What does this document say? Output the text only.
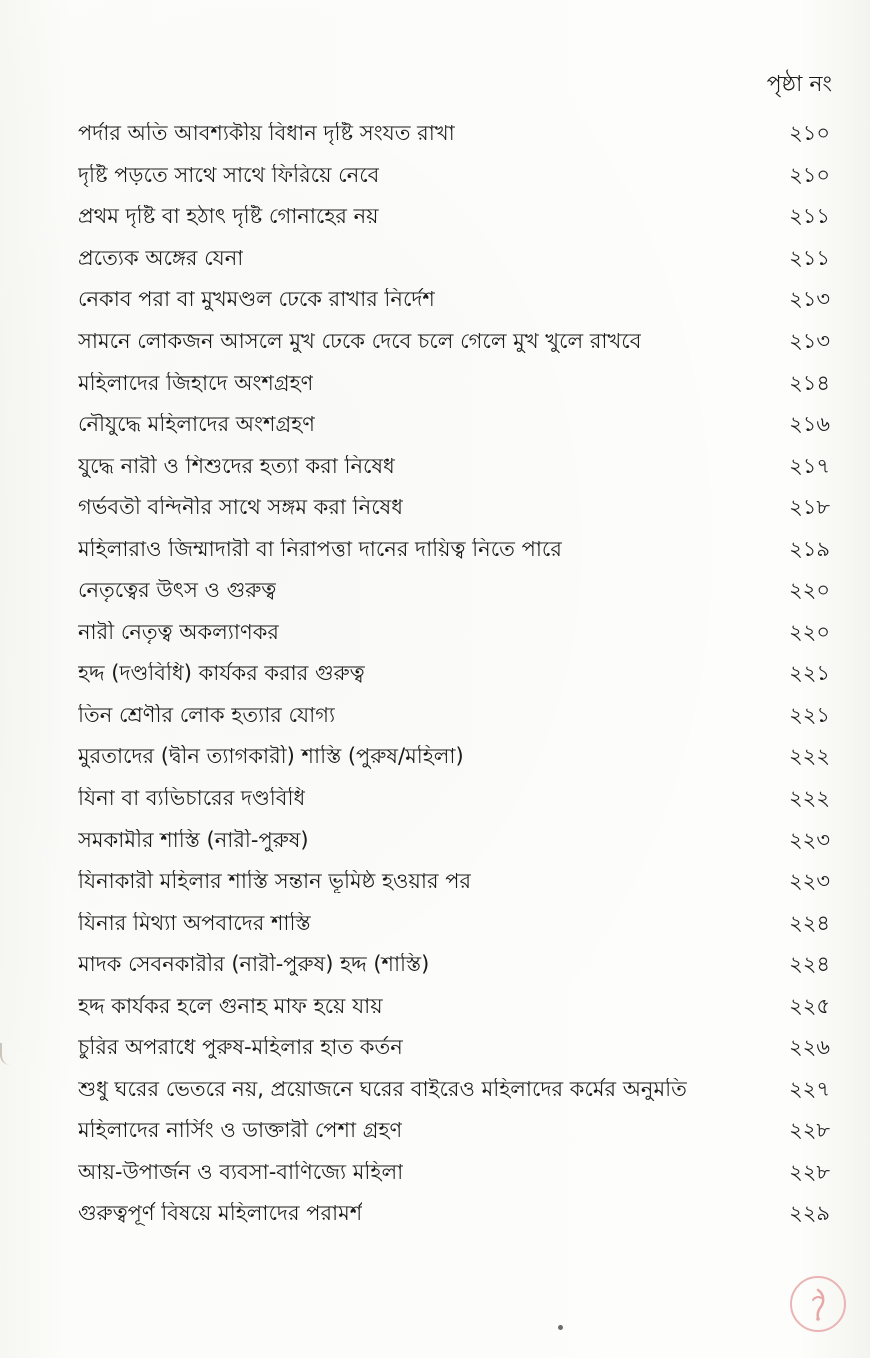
পৃষ্ঠা নং
পর্দার অতি আবশ্যকীয় বিধান দৃষ্টি সংযত রাখা	২১০
দৃষ্টি পড়তে সাথে সাথে ফিরিয়ে নেবে	২১০
প্রথম দৃষ্টি বা হঠাৎ দৃষ্টি গোনাহের নয়	২১১
প্রত্যেক অঙ্গের যেনা	২১১
নেকাব পরা বা মুখমণ্ডল ঢেকে রাখার নির্দেশ	২১৩
সামনে লোকজন আসলে মুখ ঢেকে দেবে চলে গেলে মুখ খুলে রাখবে	২১৩
মহিলাদের জিহাদে অংশগ্রহণ	২১৪
নৌযুদ্ধে মহিলাদের অংশগ্রহণ	২১৬
যুদ্ধে নারী ও শিশুদের হত্যা করা নিষেধ	২১৭
গর্ভবতী বন্দিনীর সাথে সঙ্গম করা নিষেধ	২১৮
মহিলারাও জিম্মাদারী বা নিরাপত্তা দানের দায়িত্ব নিতে পারে	২১৯
নেতৃত্বের উৎস ও গুরুত্ব	২২০
নারী নেতৃত্ব অকল্যাণকর	২২০
হদ্দ (দণ্ডবিধি) কার্যকর করার গুরুত্ব	২২১
তিন শ্রেণীর লোক হত্যার যোগ্য	২২১
মুরতাদের (দ্বীন ত্যাগকারী) শাস্তি (পুরুষ/মহিলা)	২২২
যিনা বা ব্যভিচারের দণ্ডবিধি	২২২
সমকামীর শাস্তি (নারী-পুরুষ)	২২৩
যিনাকারী মহিলার শাস্তি সন্তান ভূমিষ্ঠ হওয়ার পর	২২৩
যিনার মিথ্যা অপবাদের শাস্তি	২২৪
মাদক সেবনকারীর (নারী-পুরুষ) হদ্দ (শাস্তি)	২২৪
হদ্দ কার্যকর হলে গুনাহ মাফ হয়ে যায়	২২৫
চুরির অপরাধে পুরুষ-মহিলার হাত কর্তন	২২৬
শুধু ঘরের ভেতরে নয়, প্রয়োজনে ঘরের বাইরেও মহিলাদের কর্মের অনুমতি	২২৭
মহিলাদের নার্সিং ও ডাক্তারী পেশা গ্রহণ	২২৮
আয়-উপার্জন ও ব্যবসা-বাণিজ্যে মহিলা	২২৮
গুরুত্বপূর্ণ বিষয়ে মহিলাদের পরামর্শ	২২৯
